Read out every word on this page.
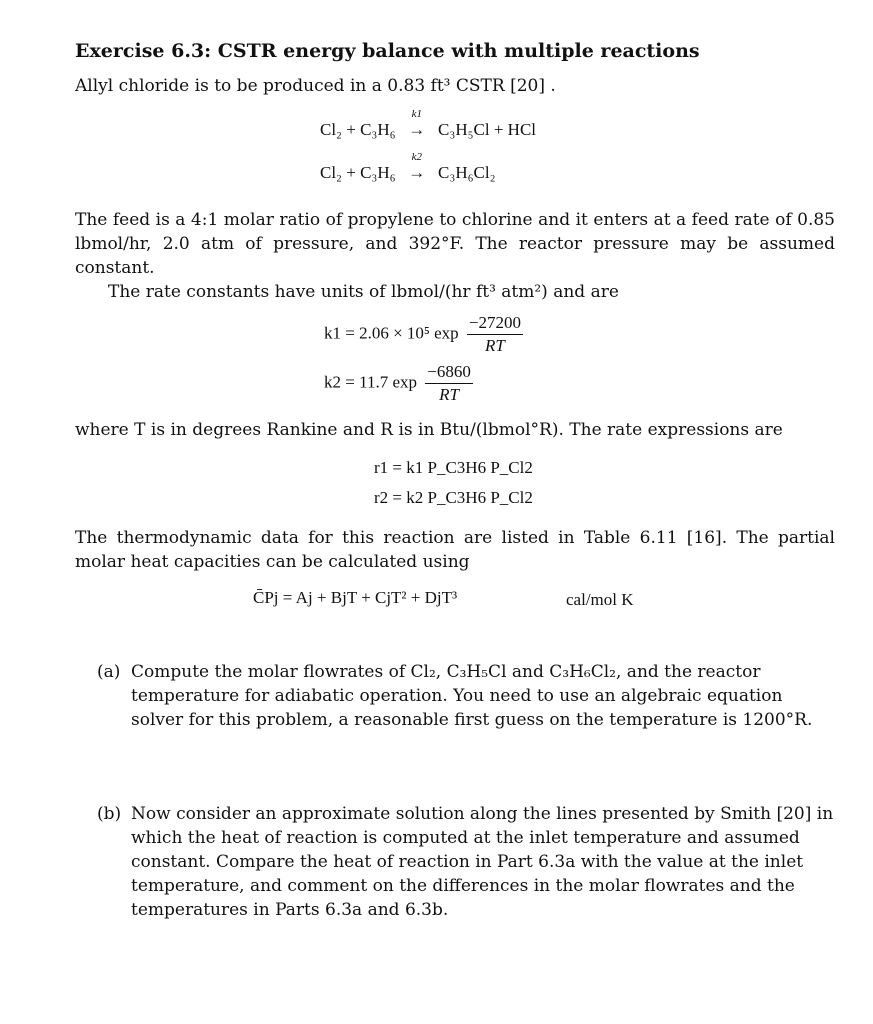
Exercise 6.3: CSTR energy balance with multiple reactions
Allyl chloride is to be produced in a 0.83 ft³ CSTR [20] .
Cl₂ + C₃H₆
k1
→ C₃H₅Cl + HCl
Cl₂ + C₃H₆
k2
→ C₃H₆Cl₂
The feed is a 4:1 molar ratio of propylene to chlorine and it enters at a feed rate of 0.85 lbmol/hr, 2.0 atm of pressure, and 392°F. The reactor pressure may be assumed constant.
The rate constants have units of lbmol/(hr ft³ atm²) and are
k1 = 2.06 × 10⁵ $\exp \frac{-27200}{RT}$
k2 = 11.7 $\exp \frac{-6860}{RT}$
where T is in degrees Rankine and R is in Btu/(lbmol°R). The rate expressions are
r1 = k1 P_C3H6 P_Cl2
r2 = k2 P_C3H6 P_Cl2
The thermodynamic data for this reaction are listed in Table 6.11 [16]. The partial molar heat capacities can be calculated using
C̄Pj = Aj + BjT + CjT² + DjT³	cal/mol K
(a) Compute the molar flowrates of Cl₂, C₃H₅Cl and C₃H₆Cl₂, and the reactor temperature for adiabatic operation. You need to use an algebraic equation solver for this problem, a reasonable first guess on the temperature is 1200°R.
(b) Now consider an approximate solution along the lines presented by Smith [20] in which the heat of reaction is computed at the inlet temperature and assumed constant. Compare the heat of reaction in Part 6.3a with the value at the inlet temperature, and comment on the differences in the molar flowrates and the temperatures in Parts 6.3a and 6.3b.
